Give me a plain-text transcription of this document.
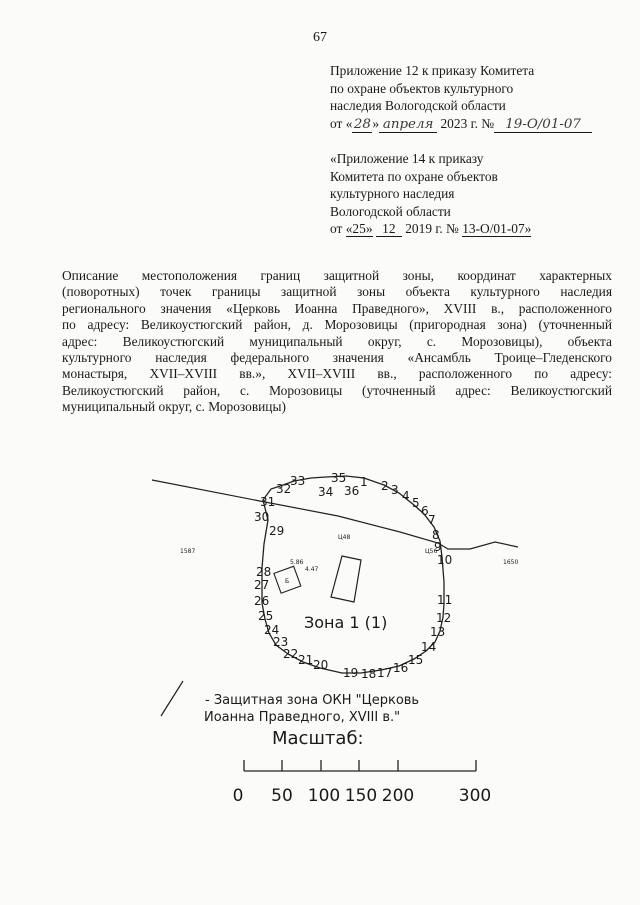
67
Приложение 12 к приказу Комитета
по охране объектов культурного
наследия Вологодской области
от «28» апреля 2023 г. № 19-О/01-07
«Приложение 14 к приказу
Комитета по охране объектов
культурного наследия
Вологодской области
от «25» 12 2019 г. № 13-О/01-07»
Описание местоположения границ защитной зоны, координат характерных
(поворотных) точек границы защитной зоны объекта культурного наследия
регионального значения «Церковь Иоанна Праведного», XVIII в., расположенного
по адресу: Великоустюгский район, д. Морозовицы (пригородная зона) (уточненный
адрес: Великоустюгский муниципальный округ, с. Морозовицы), объекта
культурного наследия федерального значения «Ансамбль Троице–Гледенского
монастыря, XVII–XVIII вв.», XVII–XVIII вв., расположенного по адресу:
Великоустюгский район, с. Морозовицы (уточненный адрес: Великоустюгский
муниципальный округ, с. Морозовицы)
Б
1587
1650
Ц48
5.86
4.47
Ц56
Зона 1 (1)
1 2 3 4 5
6
7
8
9
10
11
12
13
14
15
16
17
18
19
20
21
22
23
24
25
26
27
28
29
30
31
32
33
34
35
36
- Защитная зона ОКН "Церковь
Иоанна Праведного, XVIII в."
Масштаб:
0 50 100 150 200	300
